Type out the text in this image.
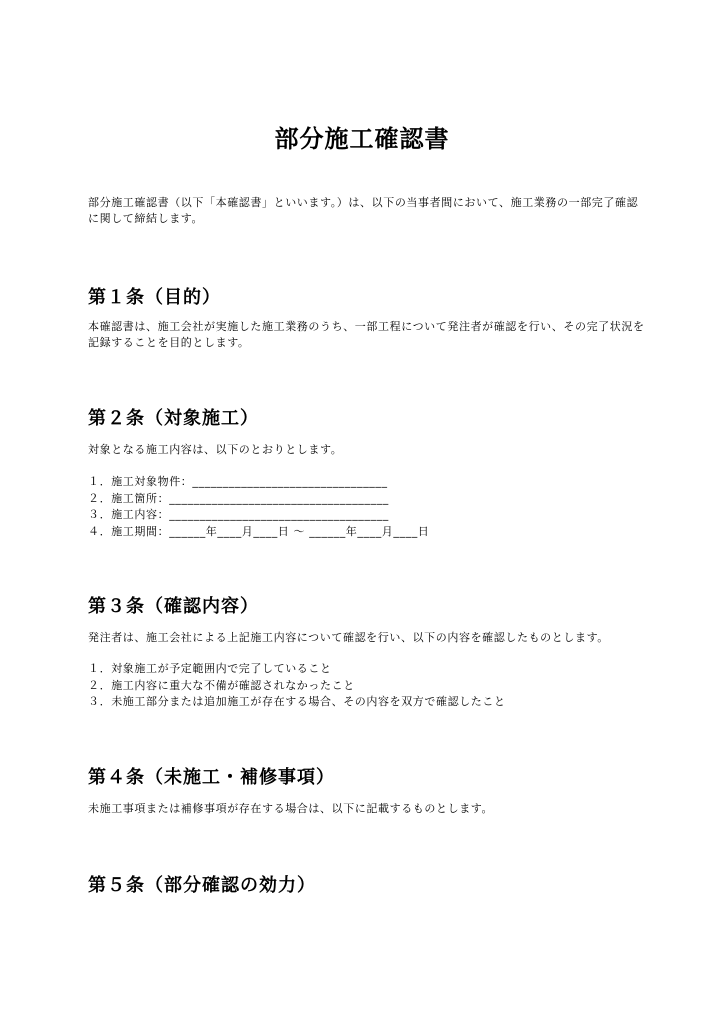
部分施工確認書

部分施工確認書（以下「本確認書」といいます。）は、以下の当事者間において、施工業務の一部完了確認に関して締結します。

第１条（目的）

本確認書は、施工会社が実施した施工業務のうち、一部工程について発注者が確認を行い、その完了状況を記録することを目的とします。

第２条（対象施工）

対象となる施工内容は、以下のとおりとします。

１．施工対象物件：________________________________
２．施工箇所：____________________________________
３．施工内容：____________________________________
４．施工期間：______年____月____日 ～ ______年____月____日
第３条（確認内容）

発注者は、施工会社による上記施工内容について確認を行い、以下の内容を確認したものとします。

１．対象施工が予定範囲内で完了していること
２．施工内容に重大な不備が確認されなかったこと
３．未施工部分または追加施工が存在する場合、その内容を双方で確認したこと
第４条（未施工・補修事項）

未施工事項または補修事項が存在する場合は、以下に記載するものとします。

第５条（部分確認の効力）
